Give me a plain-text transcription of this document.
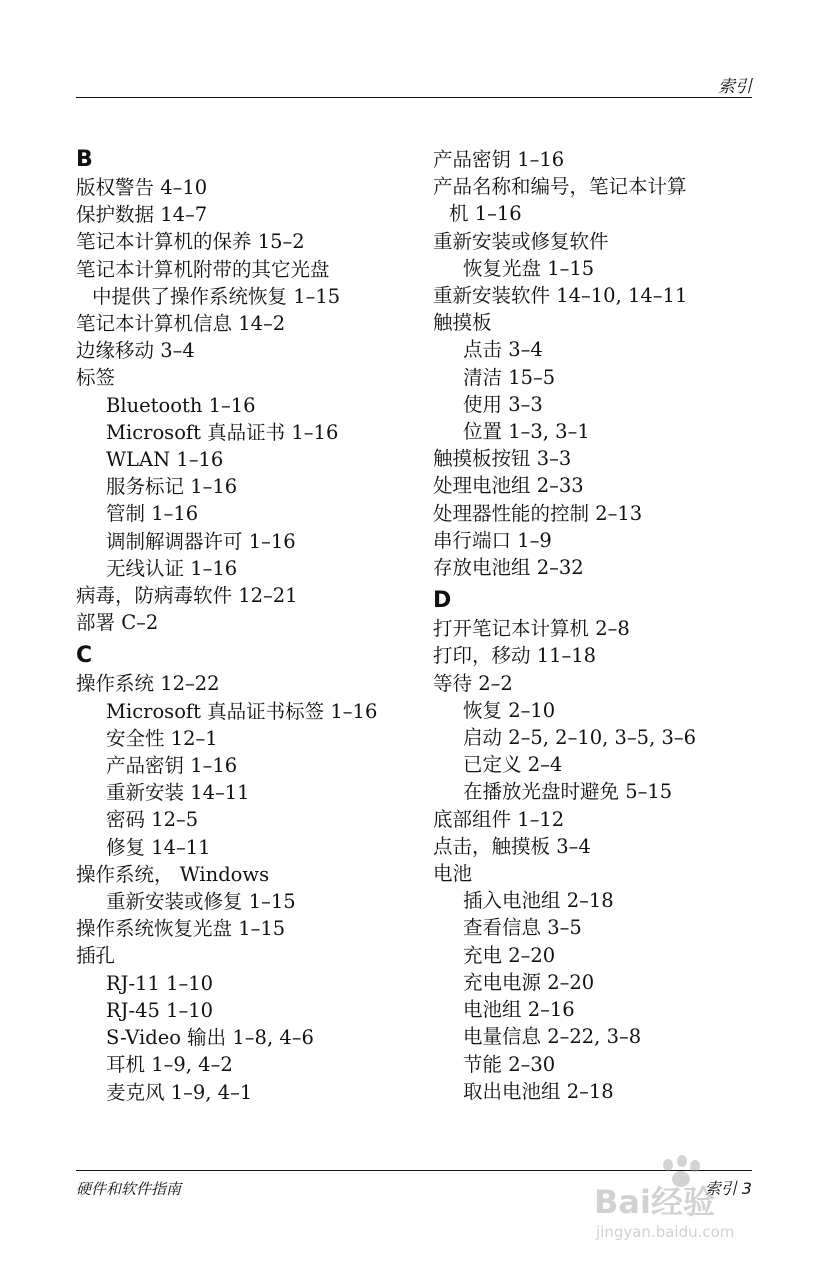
索引
B
版权警告 4–10
保护数据 14–7
笔记本计算机的保养 15–2
笔记本计算机附带的其它光盘
中提供了操作系统恢复 1–15
笔记本计算机信息 14–2
边缘移动 3–4
标签
Bluetooth 1–16
Microsoft 真品证书 1–16
WLAN 1–16
服务标记 1–16
管制 1–16
调制解调器许可 1–16
无线认证 1–16
病毒，防病毒软件 12–21
部署 C–2
C
操作系统 12–22
Microsoft 真品证书标签 1–16
安全性 12–1
产品密钥 1–16
重新安装 14–11
密码 12–5
修复 14–11
操作系统， Windows
重新安装或修复 1–15
操作系统恢复光盘 1–15
插孔
RJ-11 1–10
RJ-45 1–10
S-Video 输出 1–8, 4–6
耳机 1–9, 4–2
麦克风 1–9, 4–1
产品密钥 1–16
产品名称和编号，笔记本计算
机 1–16
重新安装或修复软件
恢复光盘 1–15
重新安装软件 14–10, 14–11
触摸板
点击 3–4
清洁 15–5
使用 3–3
位置 1–3, 3–1
触摸板按钮 3–3
处理电池组 2–33
处理器性能的控制 2–13
串行端口 1–9
存放电池组 2–32
D
打开笔记本计算机 2–8
打印，移动 11–18
等待 2–2
恢复 2–10
启动 2–5, 2–10, 3–5, 3–6
已定义 2–4
在播放光盘时避免 5–15
底部组件 1–12
点击，触摸板 3–4
电池
插入电池组 2–18
查看信息 3–5
充电 2–20
充电电源 2–20
电池组 2–16
电量信息 2–22, 3–8
节能 2–30
取出电池组 2–18
硬件和软件指南	索引 3
Bai经验
jingyan.baidu.com
